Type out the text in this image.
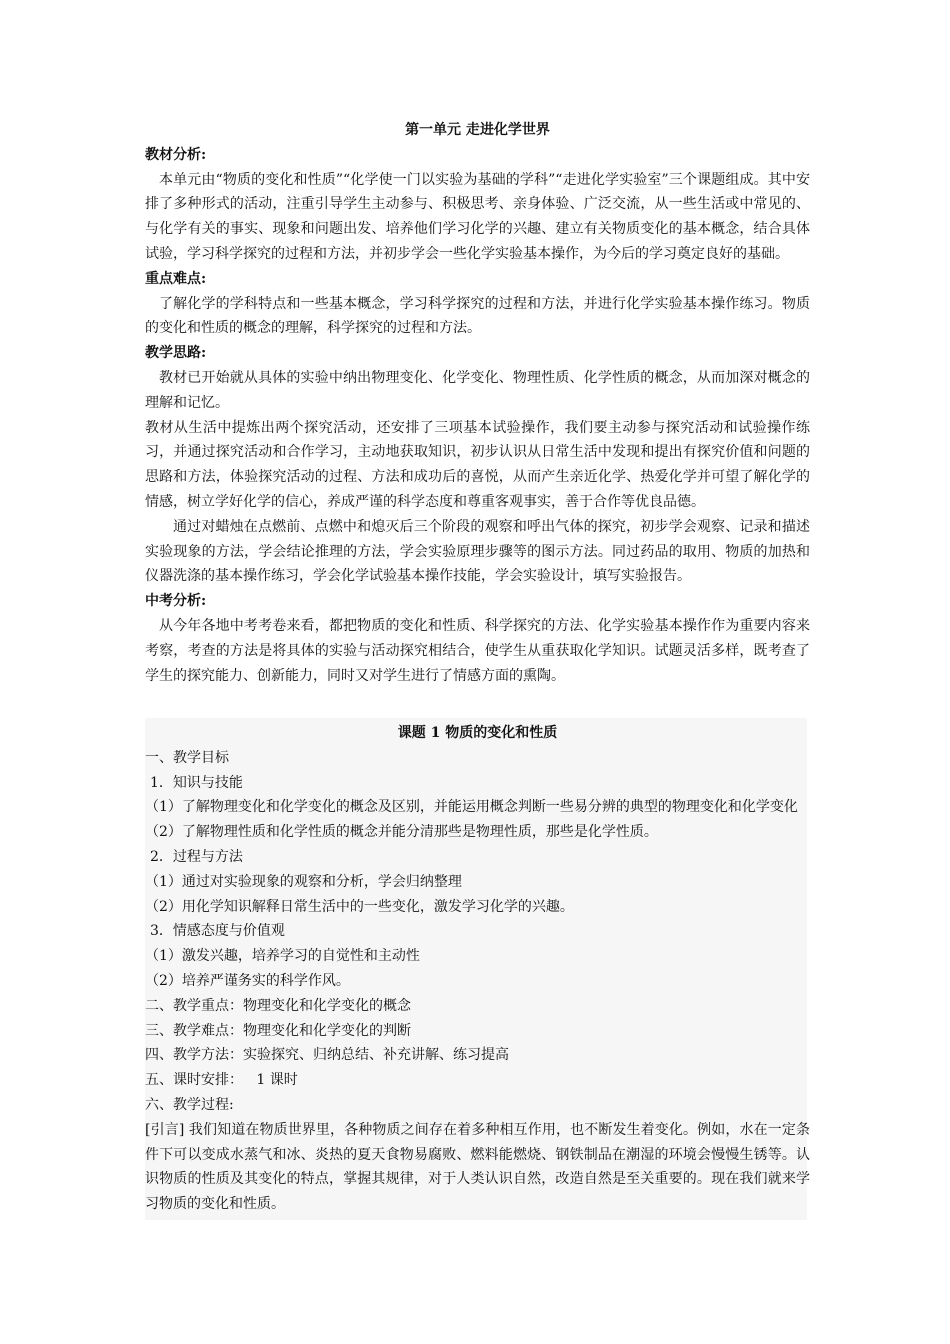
第一单元 走进化学世界

教材分析:

本单元由“物质的变化和性质”“化学使一门以实验为基础的学科”“走进化学实验室”三个课题组成。其中安排了多种形式的活动，注重引导学生主动参与、积极思考、亲身体验、广泛交流，从一些生活或中常见的、与化学有关的事实、现象和问题出发、培养他们学习化学的兴趣、建立有关物质变化的基本概念，结合具体试验，学习科学探究的过程和方法，并初步学会一些化学实验基本操作，为今后的学习奠定良好的基础。

重点难点:

了解化学的学科特点和一些基本概念，学习科学探究的过程和方法，并进行化学实验基本操作练习。物质的变化和性质的概念的理解，科学探究的过程和方法。

教学思路:

教材已开始就从具体的实验中纳出物理变化、化学变化、物理性质、化学性质的概念，从而加深对概念的理解和记忆。

教材从生活中提炼出两个探究活动，还安排了三项基本试验操作，我们要主动参与探究活动和试验操作练习，并通过探究活动和合作学习，主动地获取知识，初步认识从日常生活中发现和提出有探究价值和问题的思路和方法，体验探究活动的过程、方法和成功后的喜悦，从而产生亲近化学、热爱化学并可望了解化学的情感，树立学好化学的信心，养成严谨的科学态度和尊重客观事实，善于合作等优良品德。

通过对蜡烛在点燃前、点燃中和熄灭后三个阶段的观察和呼出气体的探究，初步学会观察、记录和描述实验现象的方法，学会结论推理的方法，学会实验原理步骤等的图示方法。同过药品的取用、物质的加热和仪器洗涤的基本操作练习，学会化学试验基本操作技能，学会实验设计，填写实验报告。

中考分析:

从今年各地中考考卷来看，都把物质的变化和性质、科学探究的方法、化学实验基本操作作为重要内容来考察，考查的方法是将具体的实验与活动探究相结合，使学生从重获取化学知识。试题灵活多样，既考查了学生的探究能力、创新能力，同时又对学生进行了情感方面的熏陶。

课题 1 物质的变化和性质

一、教学目标
1．知识与技能
（1）了解物理变化和化学变化的概念及区别，并能运用概念判断一些易分辨的典型的物理变化和化学变化
（2）了解物理性质和化学性质的概念并能分清那些是物理性质，那些是化学性质。
2．过程与方法
（1）通过对实验现象的观察和分析，学会归纳整理
（2）用化学知识解释日常生活中的一些变化，激发学习化学的兴趣。
3．情感态度与价值观
（1）激发兴趣，培养学习的自觉性和主动性
（2）培养严谨务实的科学作风。
二、教学重点：物理变化和化学变化的概念
三、教学难点：物理变化和化学变化的判断
四、教学方法：实验探究、归纳总结、补充讲解、练习提高
五、课时安排：   1 课时
六、教学过程:

[引言] 我们知道在物质世界里，各种物质之间存在着多种相互作用，也不断发生着变化。例如，水在一定条件下可以变成水蒸气和冰、炎热的夏天食物易腐败、燃料能燃烧、钢铁制品在潮湿的环境会慢慢生锈等。认识物质的性质及其变化的特点，掌握其规律，对于人类认识自然，改造自然是至关重要的。现在我们就来学习物质的变化和性质。
